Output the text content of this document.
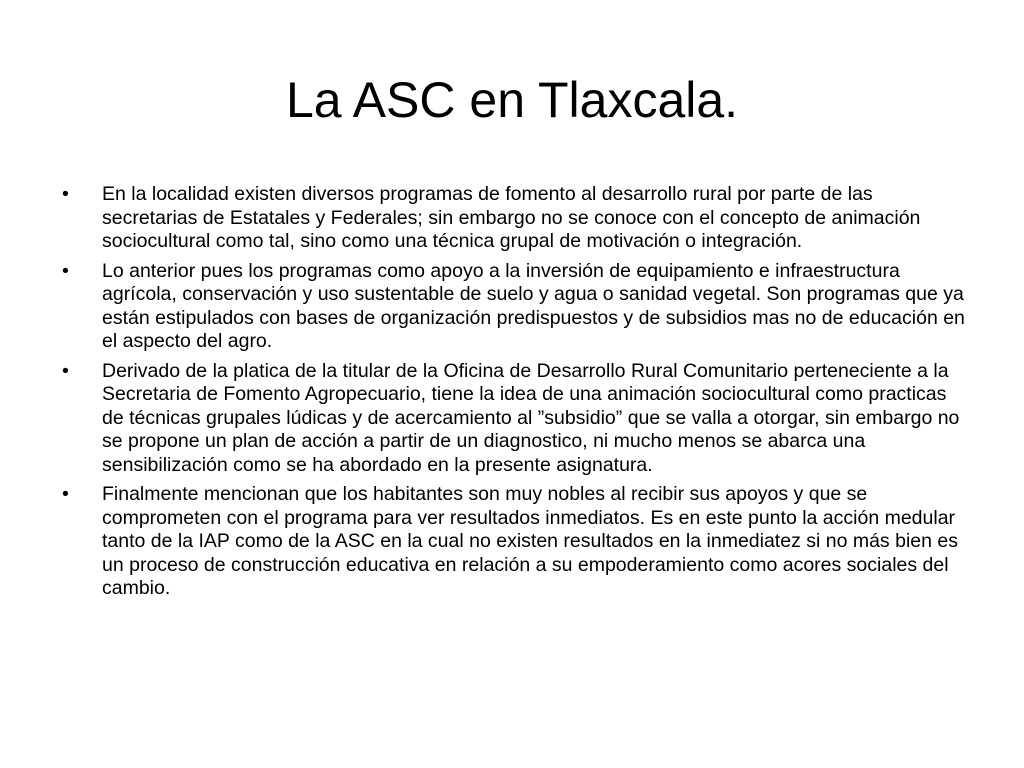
La ASC en Tlaxcala.
• En la localidad existen diversos programas de fomento al desarrollo rural por parte de las secretarias de Estatales y Federales; sin embargo no se conoce con el concepto de animación sociocultural como tal, sino como una técnica grupal de motivación o integración.
• Lo anterior pues los programas como apoyo a la inversión de equipamiento e infraestructura agrícola, conservación y uso sustentable de suelo y agua o sanidad vegetal. Son programas que ya están estipulados con bases de organización predispuestos y de subsidios mas no de educación en el aspecto del agro.
• Derivado de la platica de la titular de la Oficina de Desarrollo Rural Comunitario perteneciente a la Secretaria de Fomento Agropecuario, tiene la idea de una animación sociocultural como practicas de técnicas grupales lúdicas y de acercamiento al ”subsidio” que se valla a otorgar, sin embargo no se propone un plan de acción a partir de un diagnostico, ni mucho menos se abarca una sensibilización como se ha abordado en la presente asignatura.
• Finalmente mencionan que los habitantes son muy nobles al recibir sus apoyos y que se comprometen con el programa para ver resultados inmediatos. Es en este punto la acción medular tanto de la IAP como de la ASC en la cual no existen resultados en la inmediatez si no más bien es un proceso de construcción educativa en relación a su empoderamiento como acores sociales del cambio.
